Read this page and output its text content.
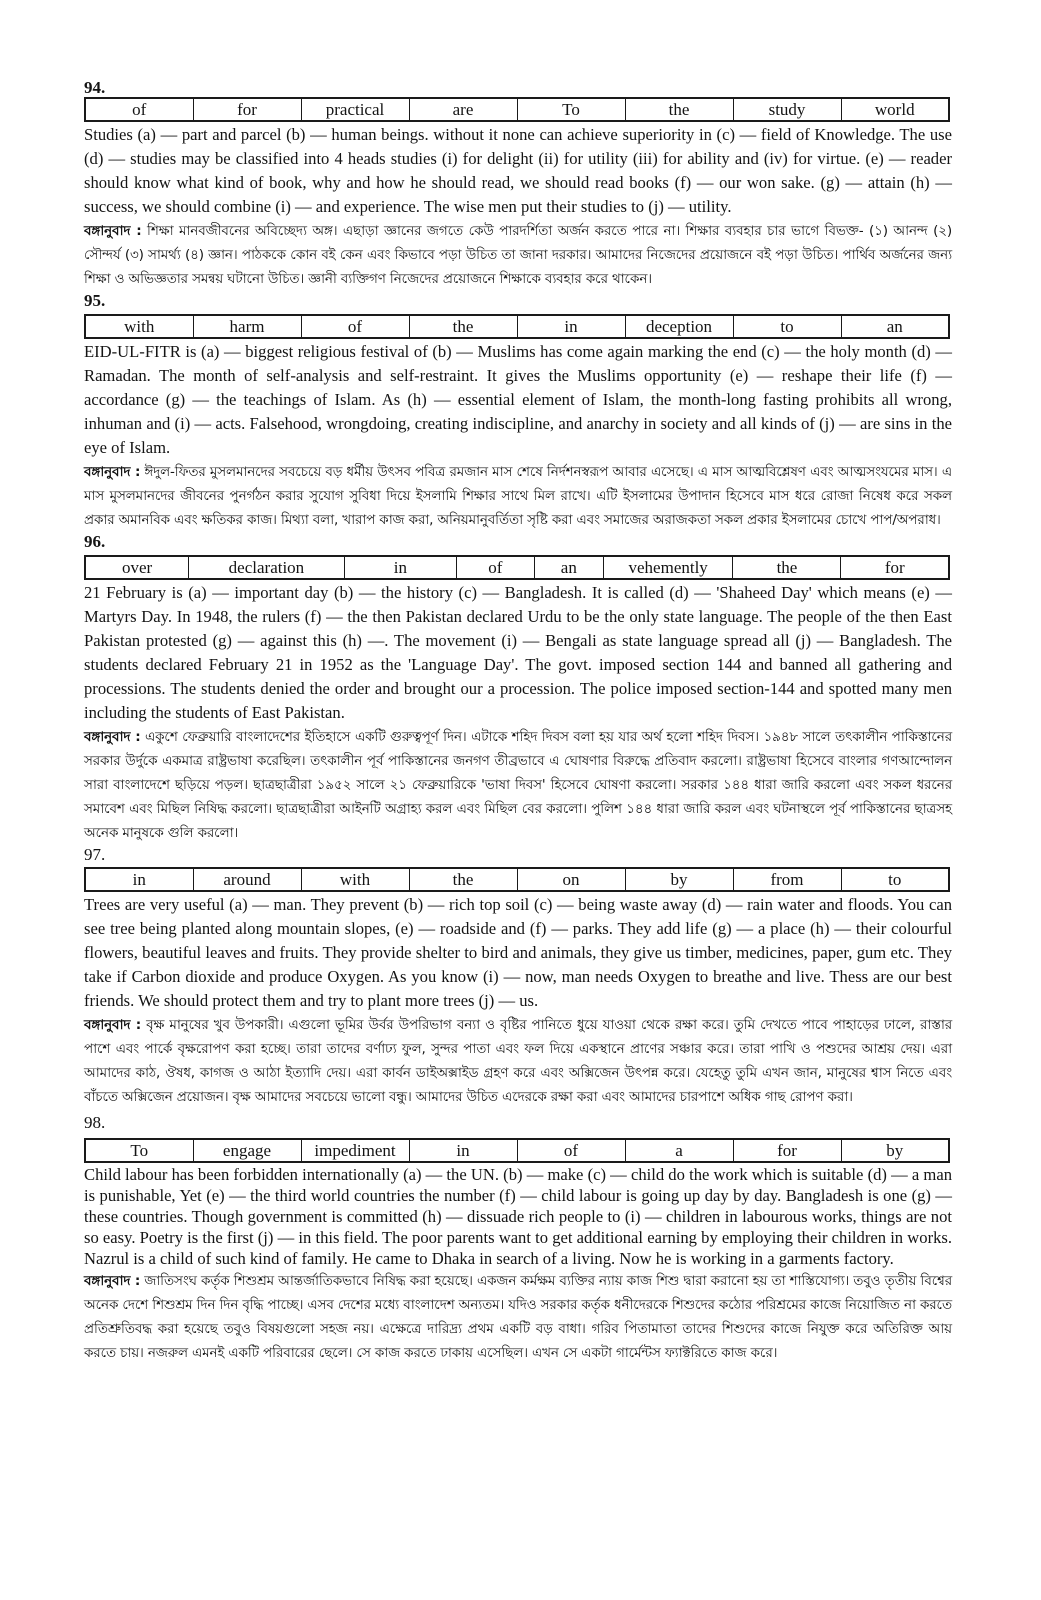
94.
of	for	practical	are	To	the	study	world

Studies (a) — part and parcel (b) — human beings. without it none can achieve superiority in (c) — field of Knowledge. The use (d) — studies may be classified into 4 heads studies (i) for delight (ii) for utility (iii) for ability and (iv) for virtue. (e) — reader should know what kind of book, why and how he should read, we should read books (f) — our won sake. (g) — attain (h) — success, we should combine (i) — and experience. The wise men put their studies to (j) — utility.

বঙ্গানুবাদ : শিক্ষা মানবজীবনের অবিচ্ছেদ্য অঙ্গ। এছাড়া জ্ঞানের জগতে কেউ পারদর্শিতা অর্জন করতে পারে না। শিক্ষার ব্যবহার চার ভাগে বিভক্ত- (১) আনন্দ (২) সৌন্দর্য (৩) সামর্থ্য (৪) জ্ঞান। পাঠককে কোন বই কেন এবং কিভাবে পড়া উচিত তা জানা দরকার। আমাদের নিজেদের প্রয়োজনে বই পড়া উচিত। পার্থিব অর্জনের জন্য শিক্ষা ও অভিজ্ঞতার সমন্বয় ঘটানো উচিত। জ্ঞানী ব্যক্তিগণ নিজেদের প্রয়োজনে শিক্ষাকে ব্যবহার করে থাকেন।

95.
with	harm	of	the	in	deception	to	an

EID-UL-FITR is (a) — biggest religious festival of (b) — Muslims has come again marking the end (c) — the holy month (d) — Ramadan. The month of self-analysis and self-restraint. It gives the Muslims opportunity (e) — reshape their life (f) — accordance (g) — the teachings of Islam. As (h) — essential element of Islam, the month-long fasting prohibits all wrong, inhuman and (i) — acts. Falsehood, wrongdoing, creating indiscipline, and anarchy in society and all kinds of (j) — are sins in the eye of Islam.

বঙ্গানুবাদ : ঈদুল-ফিতর মুসলমানদের সবচেয়ে বড় ধর্মীয় উৎসব পবিত্র রমজান মাস শেষে নির্দশনস্বরূপ আবার এসেছে। এ মাস আত্মবিশ্লেষণ এবং আত্মসংযমের মাস। এ মাস মুসলমানদের জীবনের পুনর্গঠন করার সুযোগ সুবিধা দিয়ে ইসলামি শিক্ষার সাথে মিল রাখে। এটি ইসলামের উপাদান হিসেবে মাস ধরে রোজা নিষেধ করে সকল প্রকার অমানবিক এবং ক্ষতিকর কাজ। মিথ্যা বলা, খারাপ কাজ করা, অনিয়মানুবর্তিতা সৃষ্টি করা এবং সমাজের অরাজকতা সকল প্রকার ইসলামের চোখে পাপ/অপরাধ।

96.
over	declaration	in	of	an	vehemently	the	for

21 February is (a) — important day (b) — the history (c) — Bangladesh. It is called (d) — 'Shaheed Day' which means (e) — Martyrs Day. In 1948, the rulers (f) — the then Pakistan declared Urdu to be the only state language. The people of the then East Pakistan protested (g) — against this (h) —. The movement (i) — Bengali as state language spread all (j) — Bangladesh. The students declared February 21 in 1952 as the 'Language Day'. The govt. imposed section 144 and banned all gathering and processions. The students denied the order and brought our a procession. The police imposed section-144 and spotted many men including the students of East Pakistan.

বঙ্গানুবাদ : একুশে ফেব্রুয়ারি বাংলাদেশের ইতিহাসে একটি গুরুত্বপূর্ণ দিন। এটাকে শহিদ দিবস বলা হয় যার অর্থ হলো শহিদ দিবস। ১৯৪৮ সালে তৎকালীন পাকিস্তানের সরকার উর্দুকে একমাত্র রাষ্ট্রভাষা করেছিল। তৎকালীন পূর্ব পাকিস্তানের জনগণ তীব্রভাবে এ ঘোষণার বিরুদ্ধে প্রতিবাদ করলো। রাষ্ট্রভাষা হিসেবে বাংলার গণআন্দোলন সারা বাংলাদেশে ছড়িয়ে পড়ল। ছাত্রছাত্রীরা ১৯৫২ সালে ২১ ফেব্রুয়ারিকে 'ভাষা দিবস' হিসেবে ঘোষণা করলো। সরকার ১৪৪ ধারা জারি করলো এবং সকল ধরনের সমাবেশ এবং মিছিল নিষিদ্ধ করলো। ছাত্রছাত্রীরা আইনটি অগ্রাহ্য করল এবং মিছিল বের করলো। পুলিশ ১৪৪ ধারা জারি করল এবং ঘটনাস্থলে পূর্ব পাকিস্তানের ছাত্রসহ অনেক মানুষকে গুলি করলো।

97.
in	around	with	the	on	by	from	to

Trees are very useful (a) — man. They prevent (b) — rich top soil (c) — being waste away (d) — rain water and floods. You can see tree being planted along mountain slopes, (e) — roadside and (f) — parks. They add life (g) — a place (h) — their colourful flowers, beautiful leaves and fruits. They provide shelter to bird and animals, they give us timber, medicines, paper, gum etc. They take if Carbon dioxide and produce Oxygen. As you know (i) — now, man needs Oxygen to breathe and live. Thess are our best friends. We should protect them and try to plant more trees (j) — us.

বঙ্গানুবাদ : বৃক্ষ মানুষের খুব উপকারী। এগুলো ভূমির উর্বর উপরিভাগ বন্যা ও বৃষ্টির পানিতে ধুয়ে যাওয়া থেকে রক্ষা করে। তুমি দেখতে পাবে পাহাড়ের ঢালে, রাস্তার পাশে এবং পার্কে বৃক্ষরোপণ করা হচ্ছে। তারা তাদের বর্ণাঢ্য ফুল, সুন্দর পাতা এবং ফল দিয়ে একস্থানে প্রাণের সঞ্চার করে। তারা পাখি ও পশুদের আশ্রয় দেয়। এরা আমাদের কাঠ, ঔষধ, কাগজ ও আঠা ইত্যাদি দেয়। এরা কার্বন ডাইঅক্সাইড গ্রহণ করে এবং অক্সিজেন উৎপন্ন করে। যেহেতু তুমি এখন জান, মানুষের শ্বাস নিতে এবং বাঁচতে অক্সিজেন প্রয়োজন। বৃক্ষ আমাদের সবচেয়ে ভালো বন্ধু। আমাদের উচিত এদেরকে রক্ষা করা এবং আমাদের চারপাশে অধিক গাছ রোপণ করা।

98.
To	engage	impediment	in	of	a	for	by

Child labour has been forbidden internationally (a) — the UN. (b) — make (c) — child do the work which is suitable (d) — a man is punishable, Yet (e) — the third world countries the number (f) — child labour is going up day by day. Bangladesh is one (g) — these countries. Though government is committed (h) — dissuade rich people to (i) — children in labourous works, things are not so easy. Poetry is the first (j) — in this field. The poor parents want to get additional earning by employing their children in works. Nazrul is a child of such kind of family. He came to Dhaka in search of a living. Now he is working in a garments factory.

বঙ্গানুবাদ : জাতিসংঘ কর্তৃক শিশুশ্রম আন্তর্জাতিকভাবে নিষিদ্ধ করা হয়েছে। একজন কর্মক্ষম ব্যক্তির ন্যায় কাজ শিশু দ্বারা করানো হয় তা শাস্তিযোগ্য। তবুও তৃতীয় বিশ্বের অনেক দেশে শিশুশ্রম দিন দিন বৃদ্ধি পাচ্ছে। এসব দেশের মধ্যে বাংলাদেশ অন্যতম। যদিও সরকার কর্তৃক ধনীদেরকে শিশুদের কঠোর পরিশ্রমের কাজে নিয়োজিত না করতে প্রতিশ্রুতিবদ্ধ করা হয়েছে তবুও বিষয়গুলো সহজ নয়। এক্ষেত্রে দারিদ্র্য প্রথম একটি বড় বাধা। গরিব পিতামাতা তাদের শিশুদের কাজে নিযুক্ত করে অতিরিক্ত আয় করতে চায়। নজরুল এমনই একটি পরিবারের ছেলে। সে কাজ করতে ঢাকায় এসেছিল। এখন সে একটা গার্মেন্টস ফ্যাক্টরিতে কাজ করে।
